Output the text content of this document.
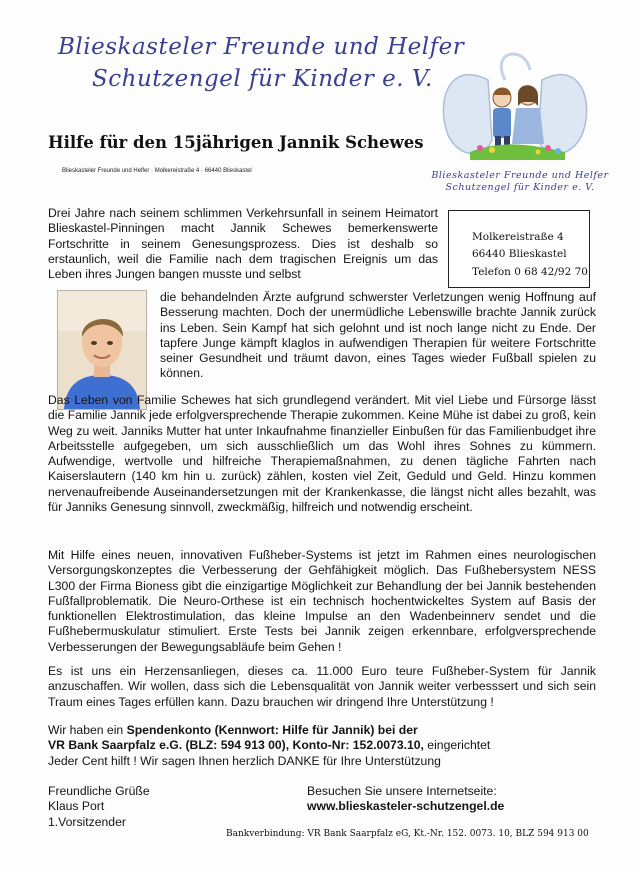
Blieskasteler Freunde und Helfer
Schutzengel für Kinder e. V.
Blieskasteler Freunde und Helfer
Schutzengel für Kinder e. V.
Hilfe für den 15jährigen Jannik Schewes
Blieskasteler Freunde und Helfer · Molkereistraße 4 · 66440 Blieskastel
Molkereistraße 4
66440 Blieskastel
Telefon 0 68 42/92 70
Drei Jahre nach seinem schlimmen Verkehrsunfall in seinem Heimatort Blieskastel-Pinningen macht Jannik Schewes bemerkenswerte Fortschritte in seinem Genesungsprozess. Dies ist deshalb so erstaunlich, weil die Familie nach dem tragischen Ereignis um das Leben ihres Jungen bangen musste und selbst
die behandelnden Ärzte aufgrund schwerster Verletzungen wenig Hoffnung auf Besserung machten. Doch der unermüdliche Lebenswille brachte Jannik zurück ins Leben. Sein Kampf hat sich gelohnt und ist noch lange nicht zu Ende. Der tapfere Junge kämpft klaglos in aufwendigen Therapien für weitere Fortschritte seiner Gesundheit und träumt davon, eines Tages wieder Fußball spielen zu können.
Das Leben von Familie Schewes hat sich grundlegend verändert. Mit viel Liebe und Fürsorge lässt die Familie Jannik jede erfolgversprechende Therapie zukommen. Keine Mühe ist dabei zu groß, kein Weg zu weit. Janniks Mutter hat unter Inkaufnahme finanzieller Einbußen für das Familienbudget ihre Arbeitsstelle aufgegeben, um sich ausschließlich um das Wohl ihres Sohnes zu kümmern. Aufwendige, wertvolle und hilfreiche Therapiemaßnahmen, zu denen tägliche Fahrten nach Kaiserslautern (140 km hin u. zurück) zählen, kosten viel Zeit, Geduld und Geld. Hinzu kommen nervenaufreibende Auseinandersetzungen mit der Krankenkasse, die längst nicht alles bezahlt, was für Janniks Genesung sinnvoll, zweckmäßig, hilfreich und notwendig erscheint.
Mit Hilfe eines neuen, innovativen Fußheber-Systems ist jetzt im Rahmen eines neurologischen Versorgungskonzeptes die Verbesserung der Gehfähigkeit möglich. Das Fußhebersystem NESS L300 der Firma Bioness gibt die einzigartige Möglichkeit zur Behandlung der bei Jannik bestehenden Fußfallproblematik. Die Neuro-Orthese ist ein technisch hochentwickeltes System auf Basis der funktionellen Elektrostimulation, das kleine Impulse an den Wadenbeinnerv sendet und die Fußhebermuskulatur stimuliert. Erste Tests bei Jannik zeigen erkennbare, erfolgversprechende Verbesserungen der Bewegungsabläufe beim Gehen !
Es ist uns ein Herzensanliegen, dieses ca. 11.000 Euro teure Fußheber-System für Jannik anzuschaffen. Wir wollen, dass sich die Lebensqualität von Jannik weiter verbesssert und sich sein Traum eines Tages erfüllen kann. Dazu brauchen wir dringend Ihre Unterstützung !
Wir haben ein Spendenkonto (Kennwort: Hilfe für Jannik) bei der
VR Bank Saarpfalz e.G. (BLZ: 594 913 00), Konto-Nr: 152.0073.10, eingerichtet
Jeder Cent hilft ! Wir sagen Ihnen herzlich DANKE für Ihre Unterstützung
Freundliche Grüße
Klaus Port
1.Vorsitzender
Besuchen Sie unsere Internetseite:
www.blieskasteler-schutzengel.de
Bankverbindung: VR Bank Saarpfalz eG, Kt.-Nr. 152. 0073. 10, BLZ 594 913 00
